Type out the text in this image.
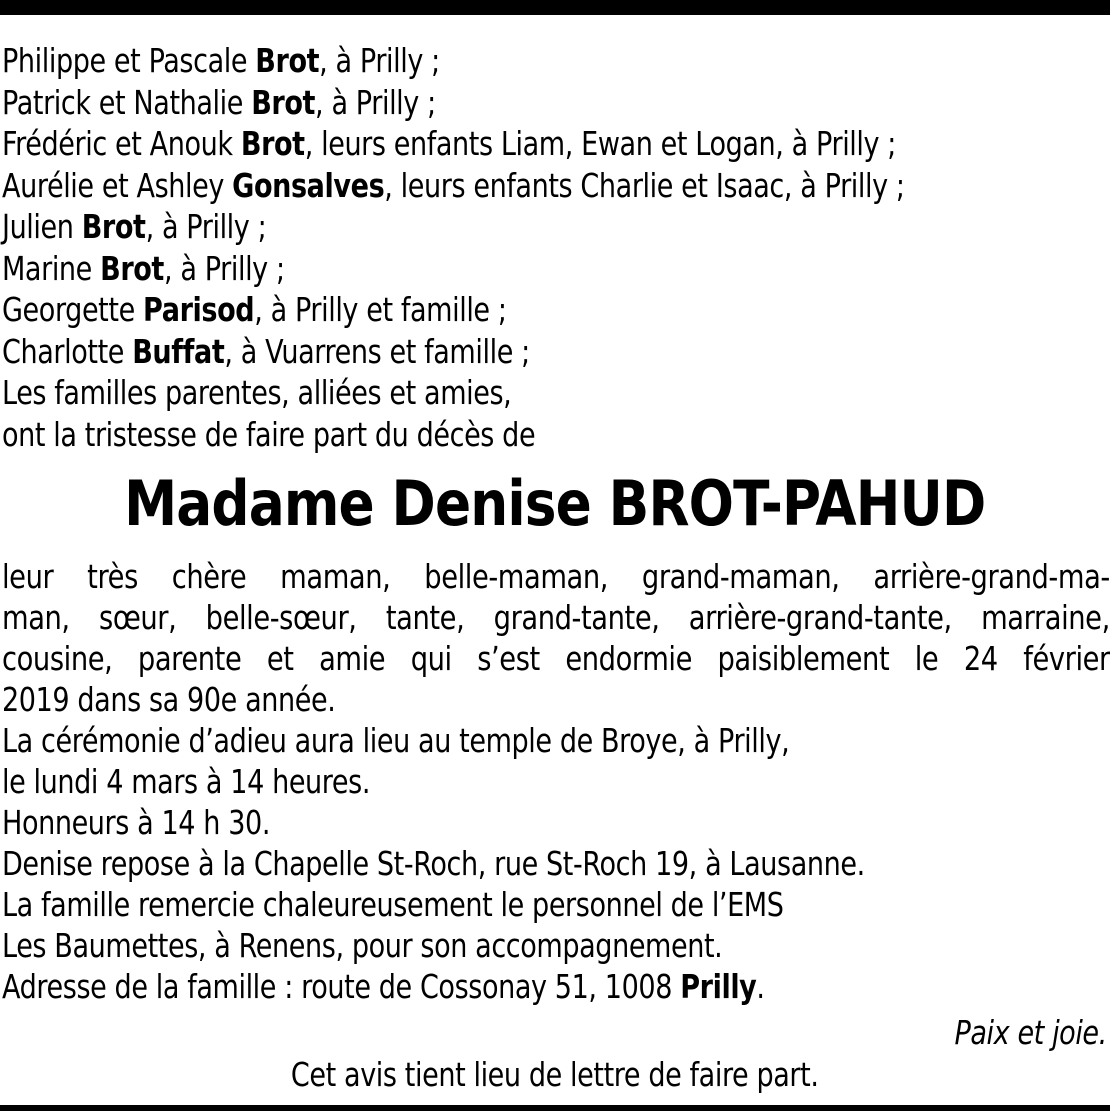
Philippe et Pascale Brot, à Prilly ;
Patrick et Nathalie Brot, à Prilly ;
Frédéric et Anouk Brot, leurs enfants Liam, Ewan et Logan, à Prilly ;
Aurélie et Ashley Gonsalves, leurs enfants Charlie et Isaac, à Prilly ;
Julien Brot, à Prilly ;
Marine Brot, à Prilly ;
Georgette Parisod, à Prilly et famille ;
Charlotte Buffat, à Vuarrens et famille ;
Les familles parentes, alliées et amies,
ont la tristesse de faire part du décès de
Madame Denise BROT-PAHUD
leur très chère maman, belle-maman, grand-maman, arrière-grand-ma-
man, sœur, belle-sœur, tante, grand-tante, arrière-grand-tante, marraine,
cousine, parente et amie qui s’est endormie paisiblement le 24 février
2019 dans sa 90e année.
La cérémonie d’adieu aura lieu au temple de Broye, à Prilly,
le lundi 4 mars à 14 heures.
Honneurs à 14 h 30.
Denise repose à la Chapelle St-Roch, rue St-Roch 19, à Lausanne.
La famille remercie chaleureusement le personnel de l’EMS
Les Baumettes, à Renens, pour son accompagnement.
Adresse de la famille : route de Cossonay 51, 1008 Prilly.
Paix et joie.
Cet avis tient lieu de lettre de faire part.
